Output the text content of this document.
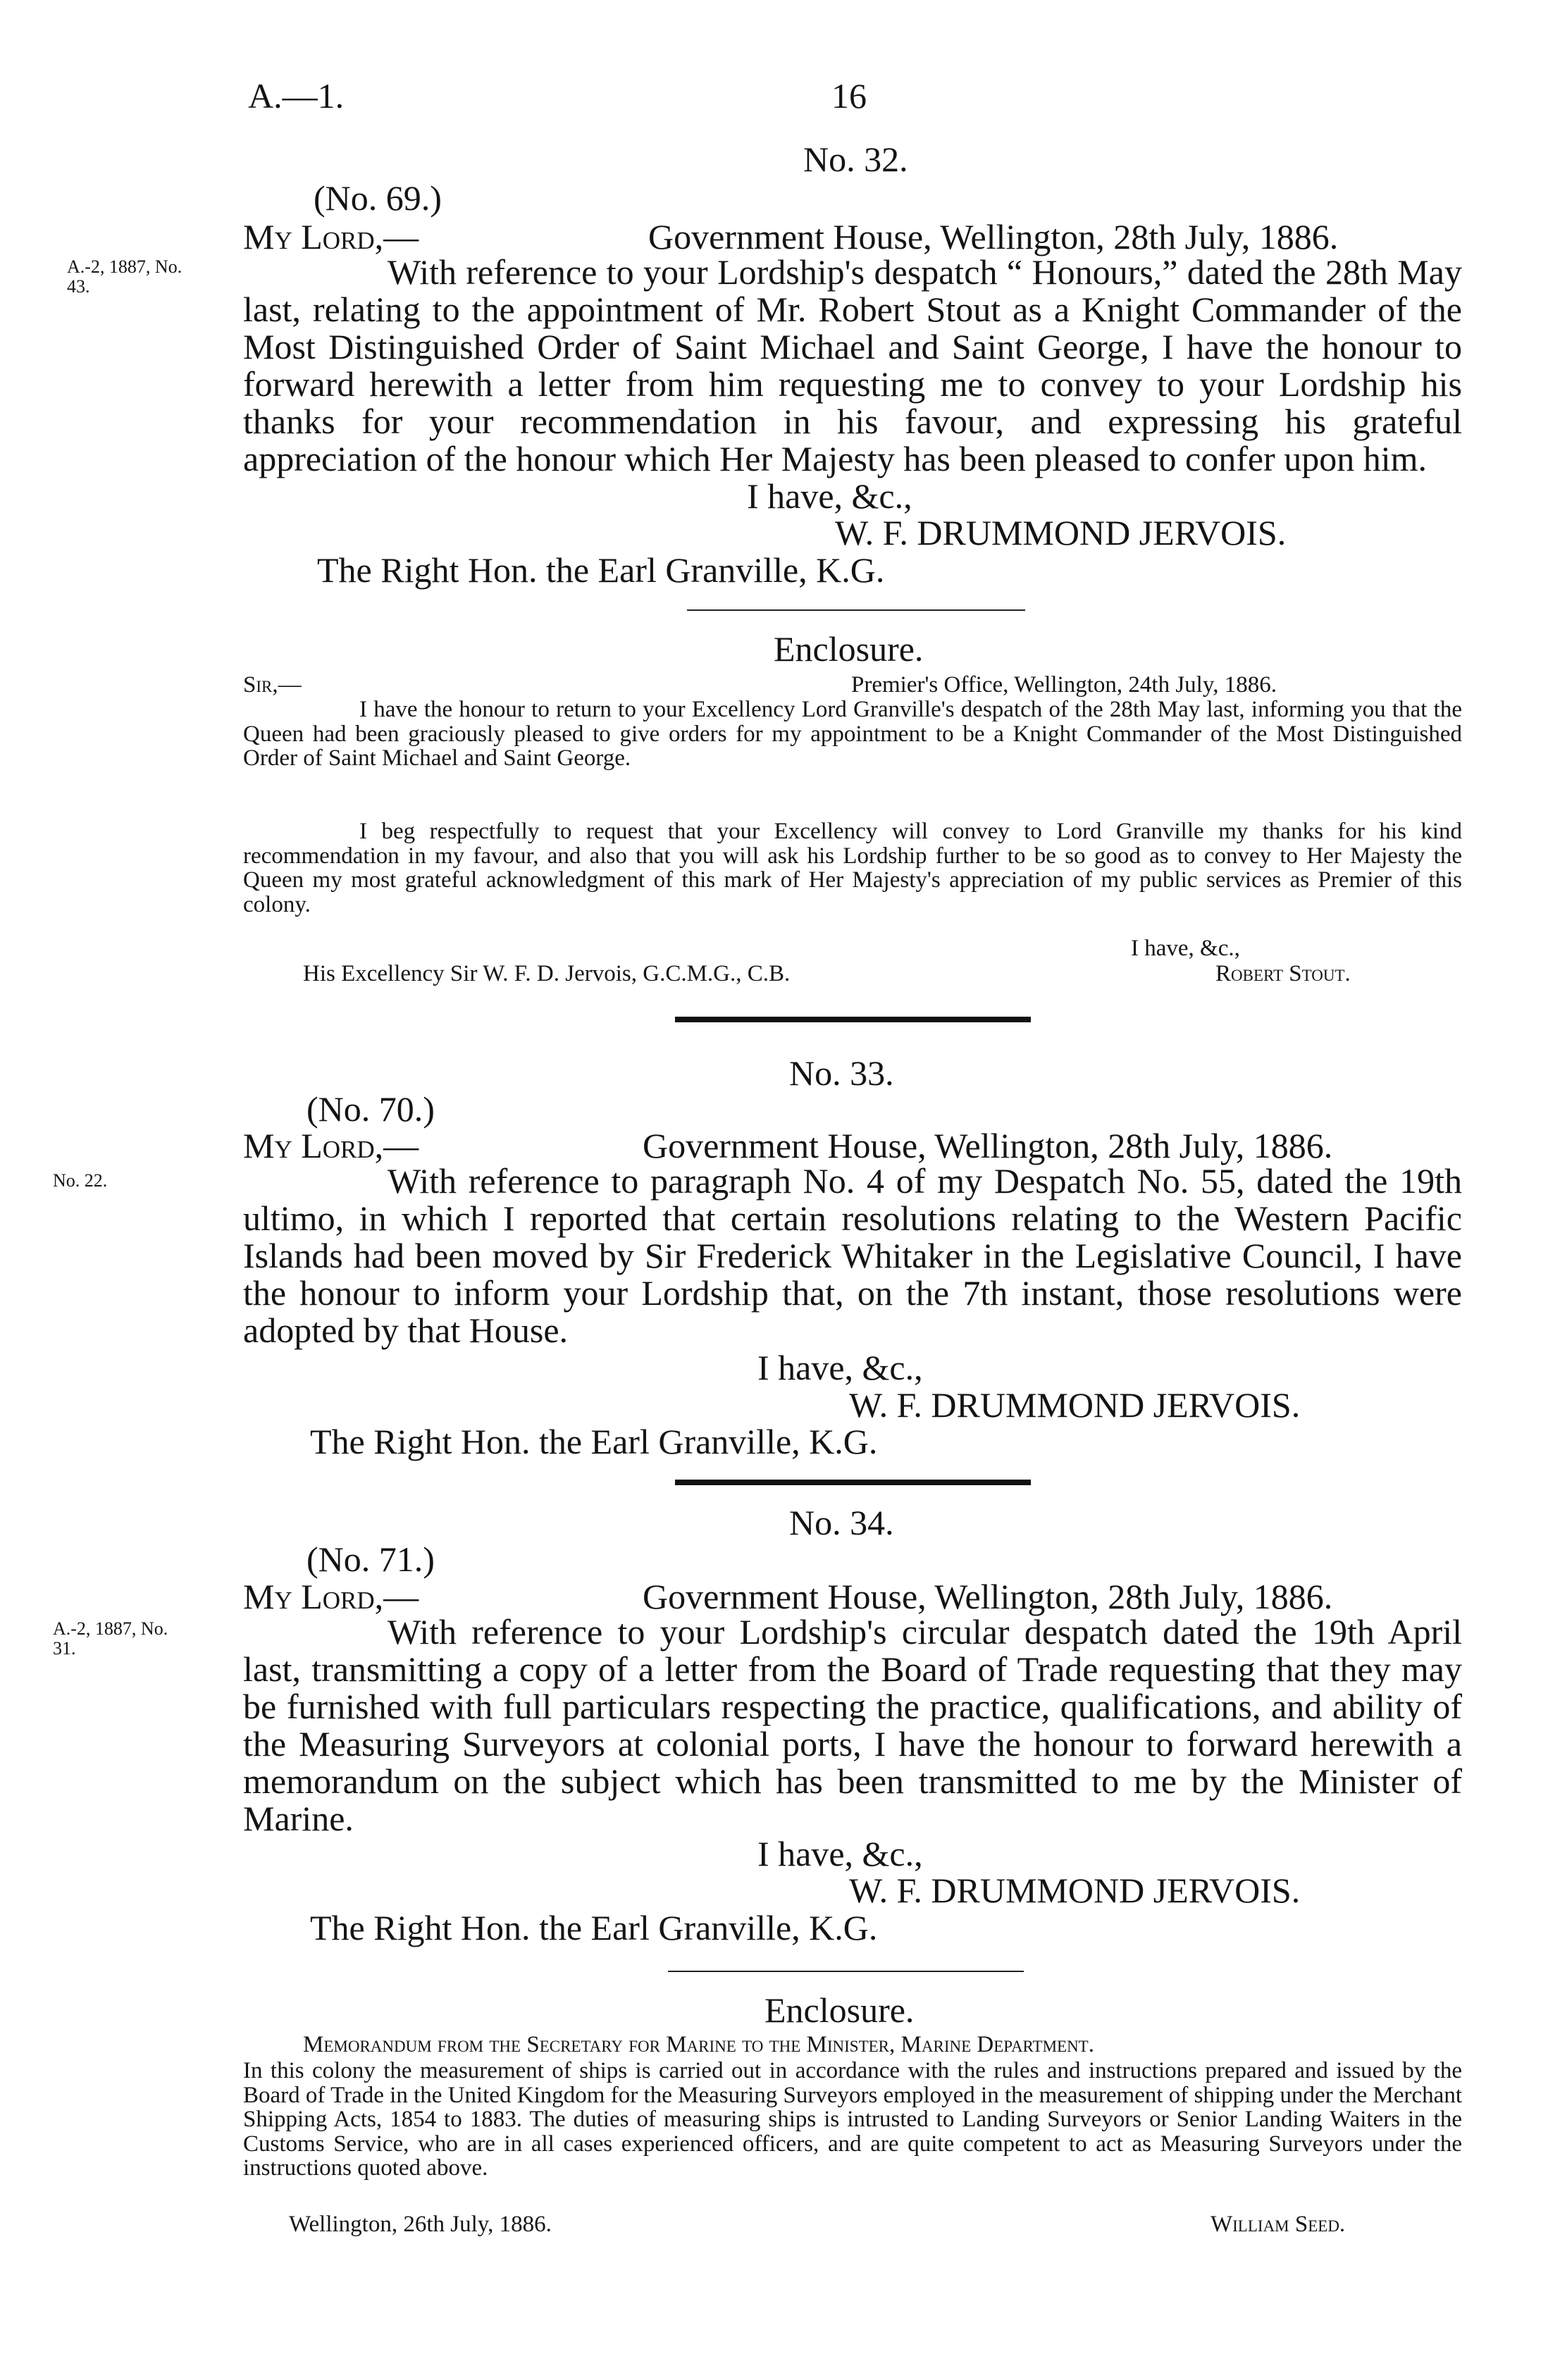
A.—1.	16
No. 32.
(No. 69.)
My Lord,—	Government House, Wellington, 28th July, 1886.
A.-2, 1887, No.
43.	With reference to your Lordship's despatch “ Honours,” dated the 28th May last, relating to the appointment of Mr. Robert Stout as a Knight Commander of the Most Distinguished Order of Saint Michael and Saint George, I have the honour to forward herewith a letter from him requesting me to convey to your Lordship his thanks for your recommendation in his favour, and expressing his grateful appreciation of the honour which Her Majesty has been pleased to confer upon him.
I have, &c.,
W. F. DRUMMOND JERVOIS.
The Right Hon. the Earl Granville, K.G.
Enclosure.
Sir,—	Premier's Office, Wellington, 24th July, 1886.
I have the honour to return to your Excellency Lord Granville's despatch of the 28th May last, informing you that the Queen had been graciously pleased to give orders for my appointment to be a Knight Commander of the Most Distinguished Order of Saint Michael and Saint George.
I beg respectfully to request that your Excellency will convey to Lord Granville my thanks for his kind recommendation in my favour, and also that you will ask his Lordship further to be so good as to convey to Her Majesty the Queen my most grateful acknowledgment of this mark of Her Majesty's appreciation of my public services as Premier of this colony.
I have, &c.,
His Excellency Sir W. F. D. Jervois, G.C.M.G., C.B.	Robert Stout.
No. 33.
(No. 70.)
My Lord,—	Government House, Wellington, 28th July, 1886.
No. 22.	With reference to paragraph No. 4 of my Despatch No. 55, dated the 19th ultimo, in which I reported that certain resolutions relating to the Western Pacific Islands had been moved by Sir Frederick Whitaker in the Legislative Council, I have the honour to inform your Lordship that, on the 7th instant, those resolutions were adopted by that House.
I have, &c.,
W. F. DRUMMOND JERVOIS.
The Right Hon. the Earl Granville, K.G.
No. 34.
(No. 71.)
My Lord,—	Government House, Wellington, 28th July, 1886.
A.-2, 1887, No.
31.	With reference to your Lordship's circular despatch dated the 19th April last, transmitting a copy of a letter from the Board of Trade requesting that they may be furnished with full particulars respecting the practice, qualifications, and ability of the Measuring Surveyors at colonial ports, I have the honour to forward herewith a memorandum on the subject which has been transmitted to me by the Minister of Marine.
I have, &c.,
W. F. DRUMMOND JERVOIS.
The Right Hon. the Earl Granville, K.G.
Enclosure.
Memorandum from the Secretary for Marine to the Minister, Marine Department.
In this colony the measurement of ships is carried out in accordance with the rules and instructions prepared and issued by the Board of Trade in the United Kingdom for the Measuring Surveyors employed in the measurement of shipping under the Merchant Shipping Acts, 1854 to 1883. The duties of measuring ships is intrusted to Landing Surveyors or Senior Landing Waiters in the Customs Service, who are in all cases experienced officers, and are quite competent to act as Measuring Surveyors under the instructions quoted above.
Wellington, 26th July, 1886.	William Seed.
